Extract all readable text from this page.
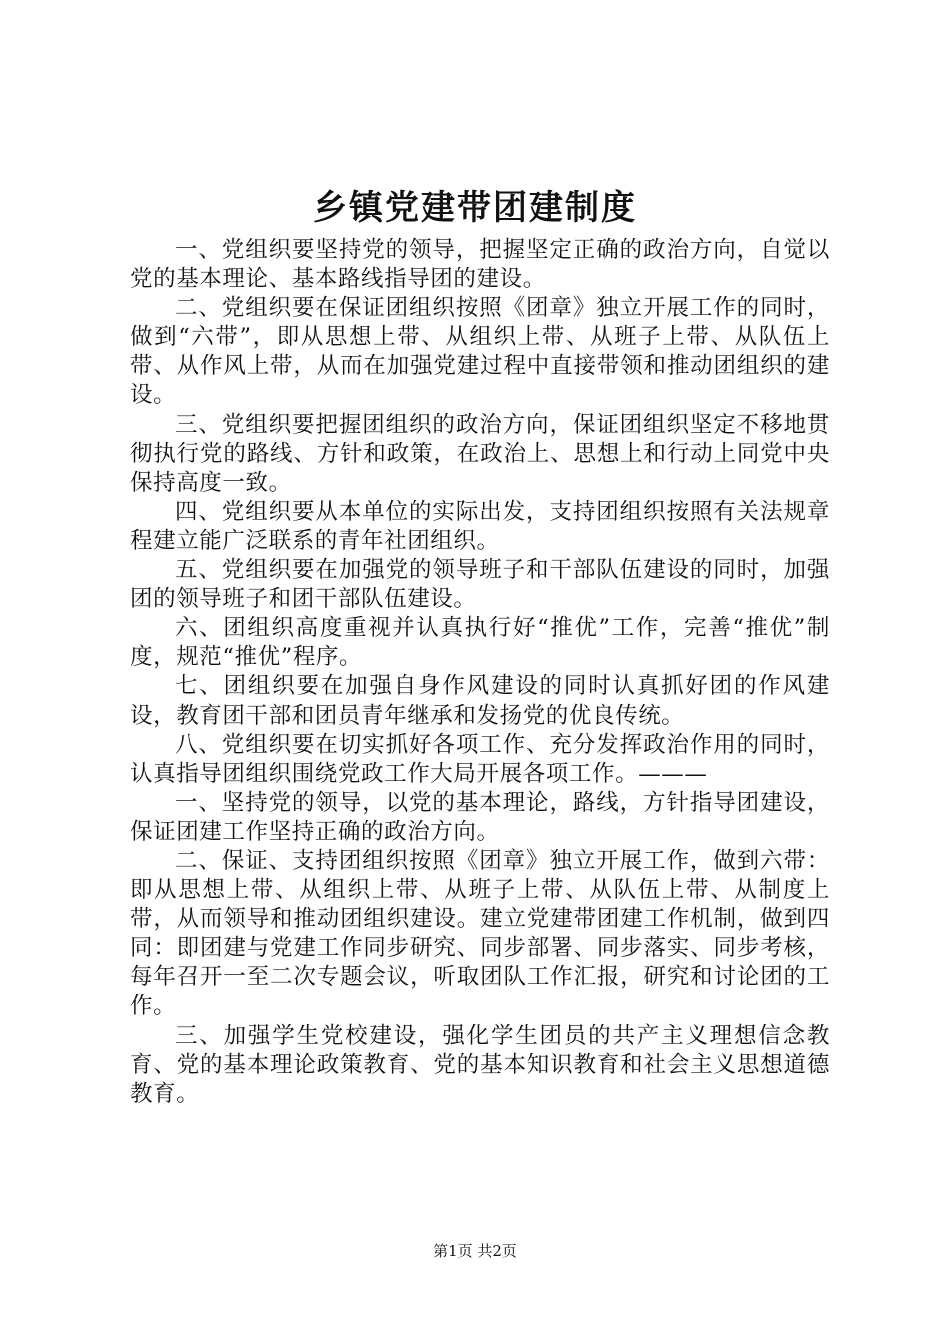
乡镇党建带团建制度

一、党组织要坚持党的领导，把握坚定正确的政治方向，自觉以党的基本理论、基本路线指导团的建设。

二、党组织要在保证团组织按照《团章》独立开展工作的同时，做到“六带”，即从思想上带、从组织上带、从班子上带、从队伍上带、从作风上带，从而在加强党建过程中直接带领和推动团组织的建设。

三、党组织要把握团组织的政治方向，保证团组织坚定不移地贯彻执行党的路线、方针和政策，在政治上、思想上和行动上同党中央保持高度一致。

四、党组织要从本单位的实际出发，支持团组织按照有关法规章程建立能广泛联系的青年社团组织。

五、党组织要在加强党的领导班子和干部队伍建设的同时，加强团的领导班子和团干部队伍建设。

六、团组织高度重视并认真执行好“推优”工作，完善“推优”制度，规范“推优”程序。

七、团组织要在加强自身作风建设的同时认真抓好团的作风建设，教育团干部和团员青年继承和发扬党的优良传统。

八、党组织要在切实抓好各项工作、充分发挥政治作用的同时，认真指导团组织围绕党政工作大局开展各项工作。———

一、坚持党的领导，以党的基本理论，路线，方针指导团建设，保证团建工作坚持正确的政治方向。

二、保证、支持团组织按照《团章》独立开展工作，做到六带：即从思想上带、从组织上带、从班子上带、从队伍上带、从制度上带，从而领导和推动团组织建设。建立党建带团建工作机制，做到四同：即团建与党建工作同步研究、同步部署、同步落实、同步考核，每年召开一至二次专题会议，听取团队工作汇报，研究和讨论团的工作。

三、加强学生党校建设，强化学生团员的共产主义理想信念教育、党的基本理论政策教育、党的基本知识教育和社会主义思想道德教育。

第1页 共2页
